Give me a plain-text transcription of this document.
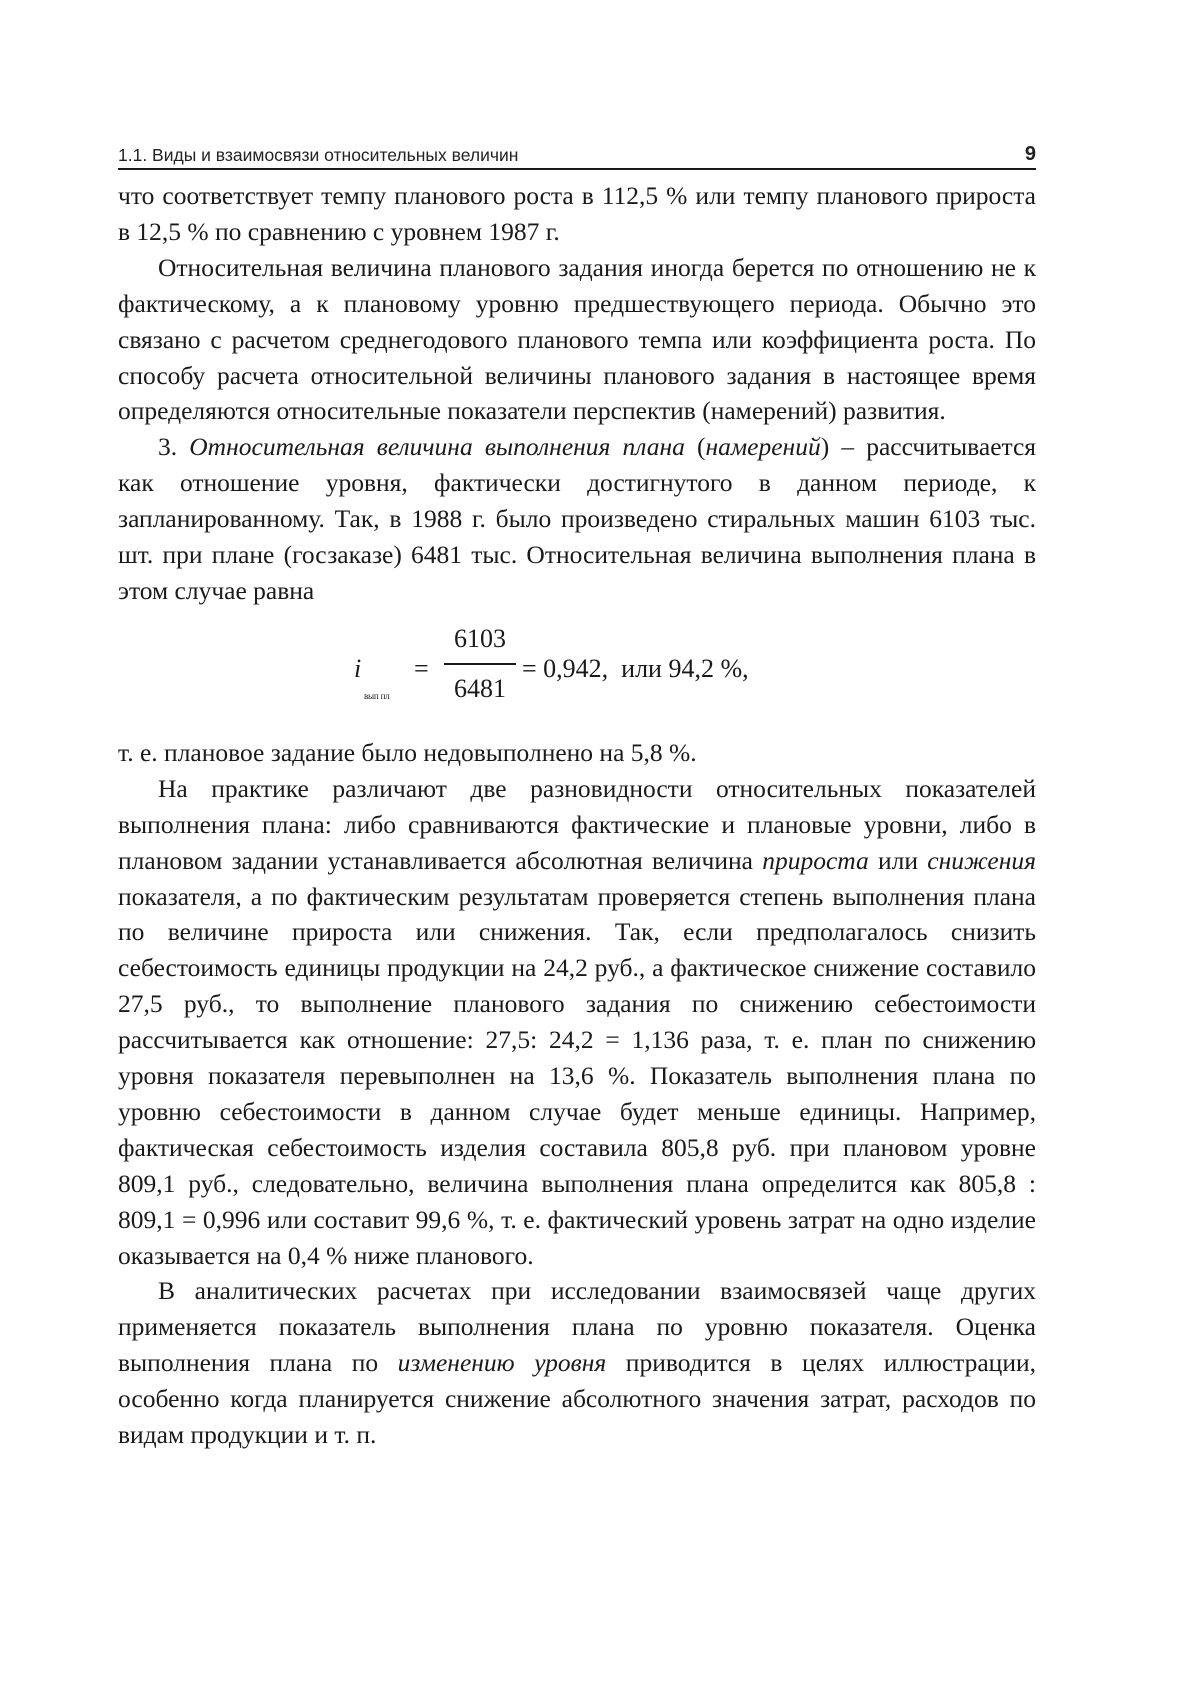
1.1. Виды и взаимосвязи относительных величин	9

что соответствует темпу планового роста в 112,5 % или темпу планового прироста в 12,5 % по сравнению с уровнем 1987 г.

Относительная величина планового задания иногда берется по отношению не к фактическому, а к плановому уровню предшествующего периода. Обычно это связано с расчетом среднегодового планового темпа или коэффициента роста. По способу расчета относительной величины планового задания в настоящее время определяются относительные показатели перспектив (намерений) развития.

3. Относительная величина выполнения плана (намерений) – рассчитывается как отношение уровня, фактически достигнутого в данном периоде, к запланированному. Так, в 1988 г. было произведено стиральных машин 6103 тыс. шт. при плане (госзаказе) 6481 тыс. Относительная величина выполнения плана в этом случае равна

i
вып пл
=
6103
6481
= 0,942,  или 94,2 %,

т. е. плановое задание было недовыполнено на 5,8 %.

На практике различают две разновидности относительных показателей выполнения плана: либо сравниваются фактические и плановые уровни, либо в плановом задании устанавливается абсолютная величина прироста или снижения показателя, а по фактическим результатам проверяется степень выполнения плана по величине прироста или снижения. Так, если предполагалось снизить себестоимость единицы продукции на 24,2 руб., а фактическое снижение составило 27,5 руб., то выполнение планового задания по снижению себестоимости рассчитывается как отношение: 27,5: 24,2 = 1,136 раза, т. е. план по снижению уровня показателя перевыполнен на 13,6 %. Показатель выполнения плана по уровню себестоимости в данном случае будет меньше единицы. Например, фактическая себестоимость изделия составила 805,8 руб. при плановом уровне 809,1 руб., следовательно, величина выполнения плана определится как 805,8 : 809,1 = 0,996 или составит 99,6 %, т. е. фактический уровень затрат на одно изделие оказывается на 0,4 % ниже планового.

В аналитических расчетах при исследовании взаимосвязей чаще других применяется показатель выполнения плана по уровню показателя. Оценка выполнения плана по изменению уровня приводится в целях иллюстрации, особенно когда планируется снижение абсолютного значения затрат, расходов по видам продукции и т. п.
